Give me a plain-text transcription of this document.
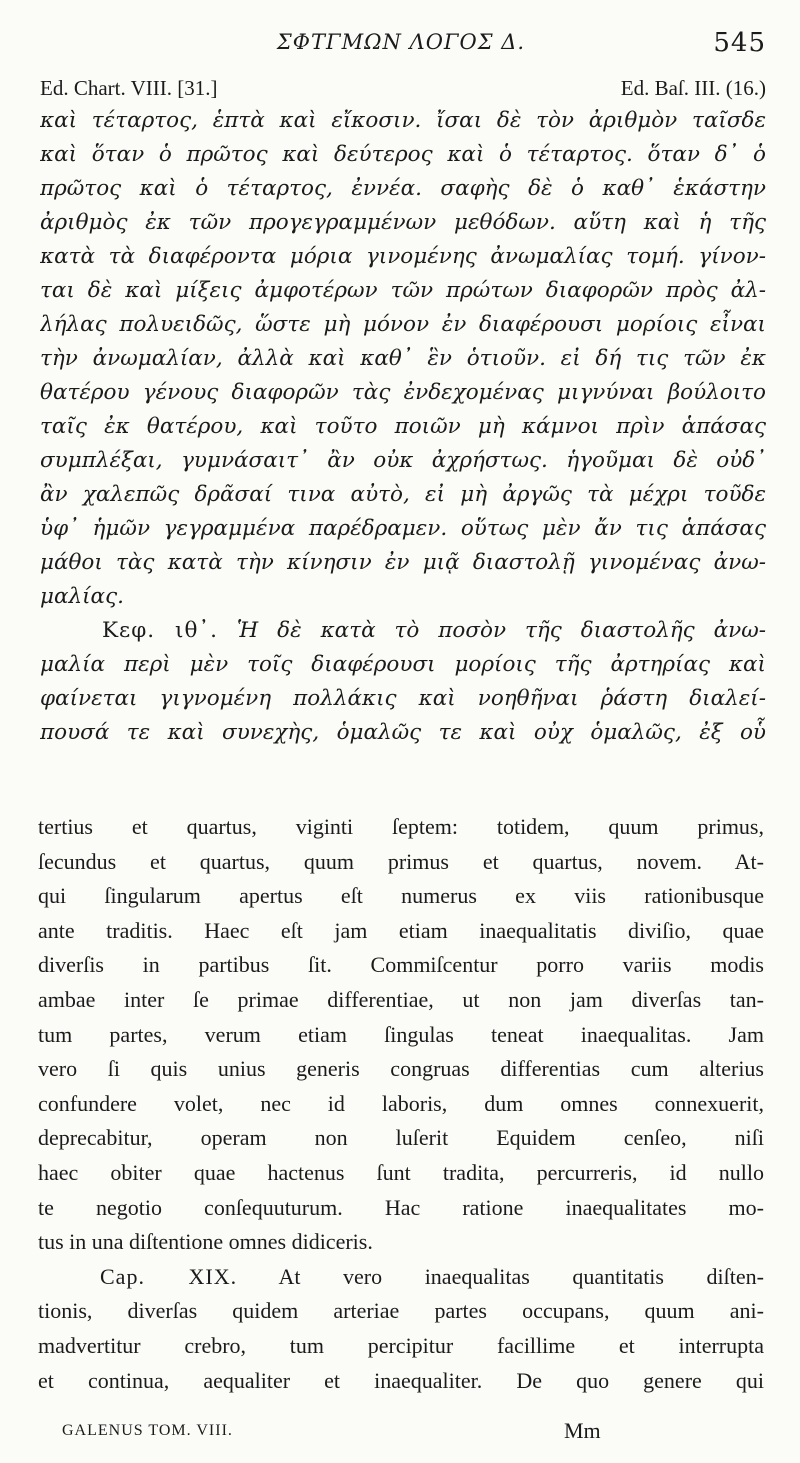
ΣΦΤΓΜΩΝ ΛΟΓΟΣ Δ.	545
Ed. Chart. VIII. [31.]	Ed. Baſ. III. (16.)
καὶ τέταρτος, ἑπτὰ καὶ εἴκοσιν. ἴσαι δὲ τὸν ἀριθμὸν ταῖσδε
καὶ ὅταν ὁ πρῶτος καὶ δεύτερος καὶ ὁ τέταρτος. ὅταν δ᾽ ὁ
πρῶτος καὶ ὁ τέταρτος, ἐννέα. σαφὴς δὲ ὁ καθ᾽ ἑκάστην
ἀριθμὸς ἐκ τῶν προγεγραμμένων μεθόδων. αὕτη καὶ ἡ τῆς
κατὰ τὰ διαφέροντα μόρια γινομένης ἀνωμαλίας τομή. γίνον-
ται δὲ καὶ μίξεις ἀμφοτέρων τῶν πρώτων διαφορῶν πρὸς ἀλ-
λήλας πολυειδῶς, ὥστε μὴ μόνον ἐν διαφέρουσι μορίοις εἶναι
τὴν ἀνωμαλίαν, ἀλλὰ καὶ καθ᾽ ἓν ὁτιοῦν. εἰ δή τις τῶν ἐκ
θατέρου γένους διαφορῶν τὰς ἐνδεχομένας μιγνύναι βούλοιτο
ταῖς ἐκ θατέρου, καὶ τοῦτο ποιῶν μὴ κάμνοι πρὶν ἁπάσας
συμπλέξαι, γυμνάσαιτ᾽ ἂν οὐκ ἀχρήστως. ἡγοῦμαι δὲ οὐδ᾽
ἂν χαλεπῶς δρᾶσαί τινα αὐτὸ, εἰ μὴ ἀργῶς τὰ μέχρι τοῦδε
ὑφ᾽ ἡμῶν γεγραμμένα παρέδραμεν. οὕτως μὲν ἄν τις ἁπάσας
μάθοι τὰς κατὰ τὴν κίνησιν ἐν μιᾷ διαστολῇ γινομένας ἀνω-
μαλίας.
Κεφ. ιθ᾽. Ἡ δὲ κατὰ τὸ ποσὸν τῆς διαστολῆς ἀνω-
μαλία περὶ μὲν τοῖς διαφέρουσι μορίοις τῆς ἀρτηρίας καὶ
φαίνεται γιγνομένη πολλάκις καὶ νοηθῆναι ῥάστη διαλεί-
πουσά τε καὶ συνεχὴς, ὁμαλῶς τε καὶ οὐχ ὁμαλῶς, ἐξ οὗ
tertius et quartus, viginti ſeptem: totidem, quum primus,
ſecundus et quartus, quum primus et quartus, novem. At-
qui ſingularum apertus eſt numerus ex viis rationibusque
ante traditis. Haec eſt jam etiam inaequalitatis diviſio, quae
diverſis in partibus ſit. Commiſcentur porro variis modis
ambae inter ſe primae differentiae, ut non jam diverſas tan-
tum partes, verum etiam ſingulas teneat inaequalitas. Jam
vero ſi quis unius generis congruas differentias cum alterius
confundere volet, nec id laboris, dum omnes connexuerit,
deprecabitur, operam non luſerit Equidem cenſeo, niſi
haec obiter quae hactenus ſunt tradita, percurreris, id nullo
te negotio conſequuturum. Hac ratione inaequalitates mo-
tus in una diſtentione omnes didiceris.
Cap. XIX. At vero inaequalitas quantitatis diſten-
tionis, diverſas quidem arteriae partes occupans, quum ani-
madvertitur crebro, tum percipitur facillime et interrupta
et continua, aequaliter et inaequaliter. De quo genere qui
GALENUS TOM. VIII.	Mm
